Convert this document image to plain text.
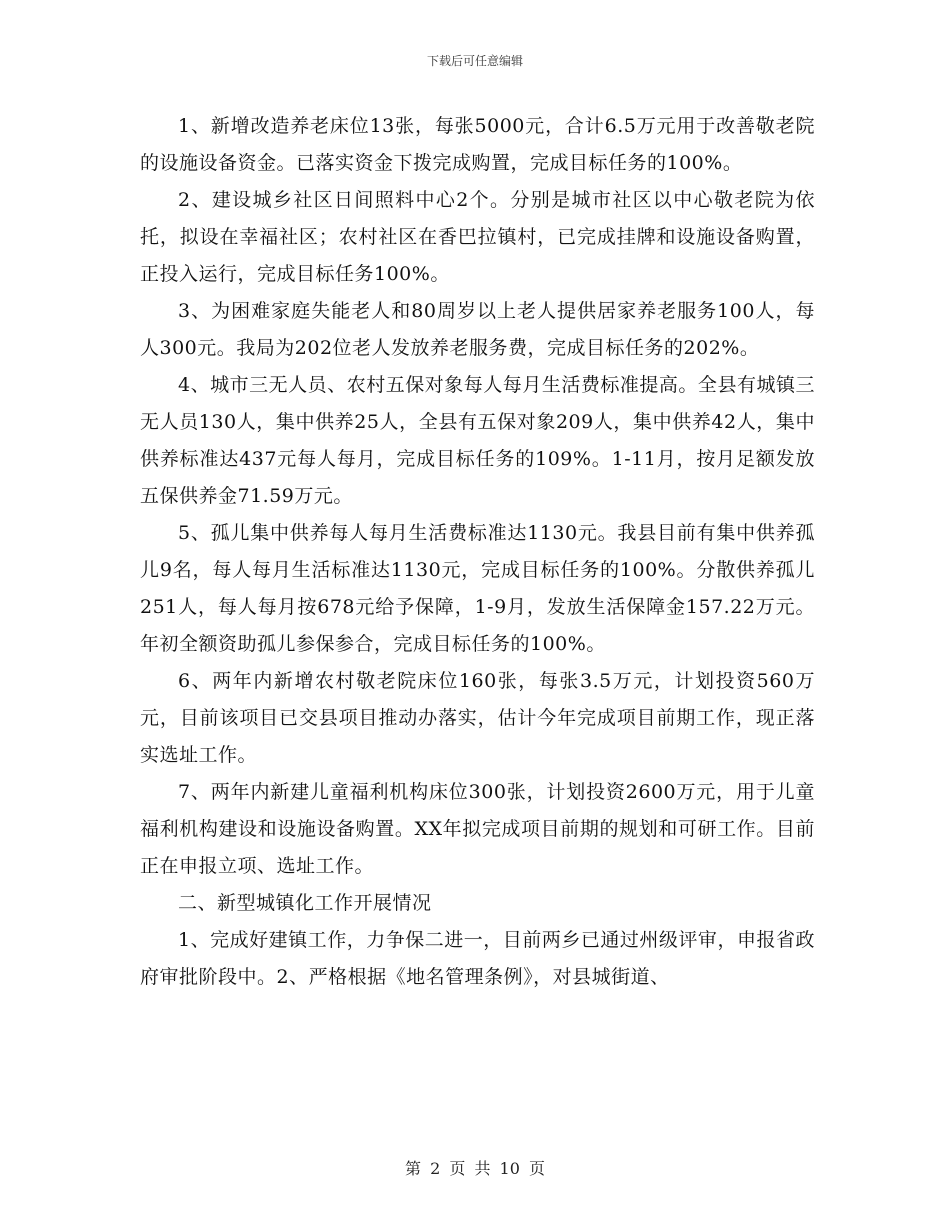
下载后可任意编辑

1、新增改造养老床位13张，每张5000元，合计6.5万元用于改善敬老院的设施设备资金。已落实资金下拨完成购置，完成目标任务的100%。

2、建设城乡社区日间照料中心2个。分别是城市社区以中心敬老院为依托，拟设在幸福社区；农村社区在香巴拉镇村，已完成挂牌和设施设备购置，正投入运行，完成目标任务100%。

3、为困难家庭失能老人和80周岁以上老人提供居家养老服务100人，每人300元。我局为202位老人发放养老服务费，完成目标任务的202%。

4、城市三无人员、农村五保对象每人每月生活费标准提高。全县有城镇三无人员130人，集中供养25人，全县有五保对象209人，集中供养42人，集中供养标准达437元每人每月，完成目标任务的109%。1-11月，按月足额发放五保供养金71.59万元。

5、孤儿集中供养每人每月生活费标准达1130元。我县目前有集中供养孤儿9名，每人每月生活标准达1130元，完成目标任务的100%。分散供养孤儿251人，每人每月按678元给予保障，1-9月，发放生活保障金157.22万元。年初全额资助孤儿参保参合，完成目标任务的100%。

6、两年内新增农村敬老院床位160张，每张3.5万元，计划投资560万元，目前该项目已交县项目推动办落实，估计今年完成项目前期工作，现正落实选址工作。

7、两年内新建儿童福利机构床位300张，计划投资2600万元，用于儿童福利机构建设和设施设备购置。XX年拟完成项目前期的规划和可研工作。目前正在申报立项、选址工作。

二、新型城镇化工作开展情况

1、完成好建镇工作，力争保二进一，目前两乡已通过州级评审，申报省政府审批阶段中。2、严格根据《地名管理条例》，对县城街道、

第 2 页 共 10 页
